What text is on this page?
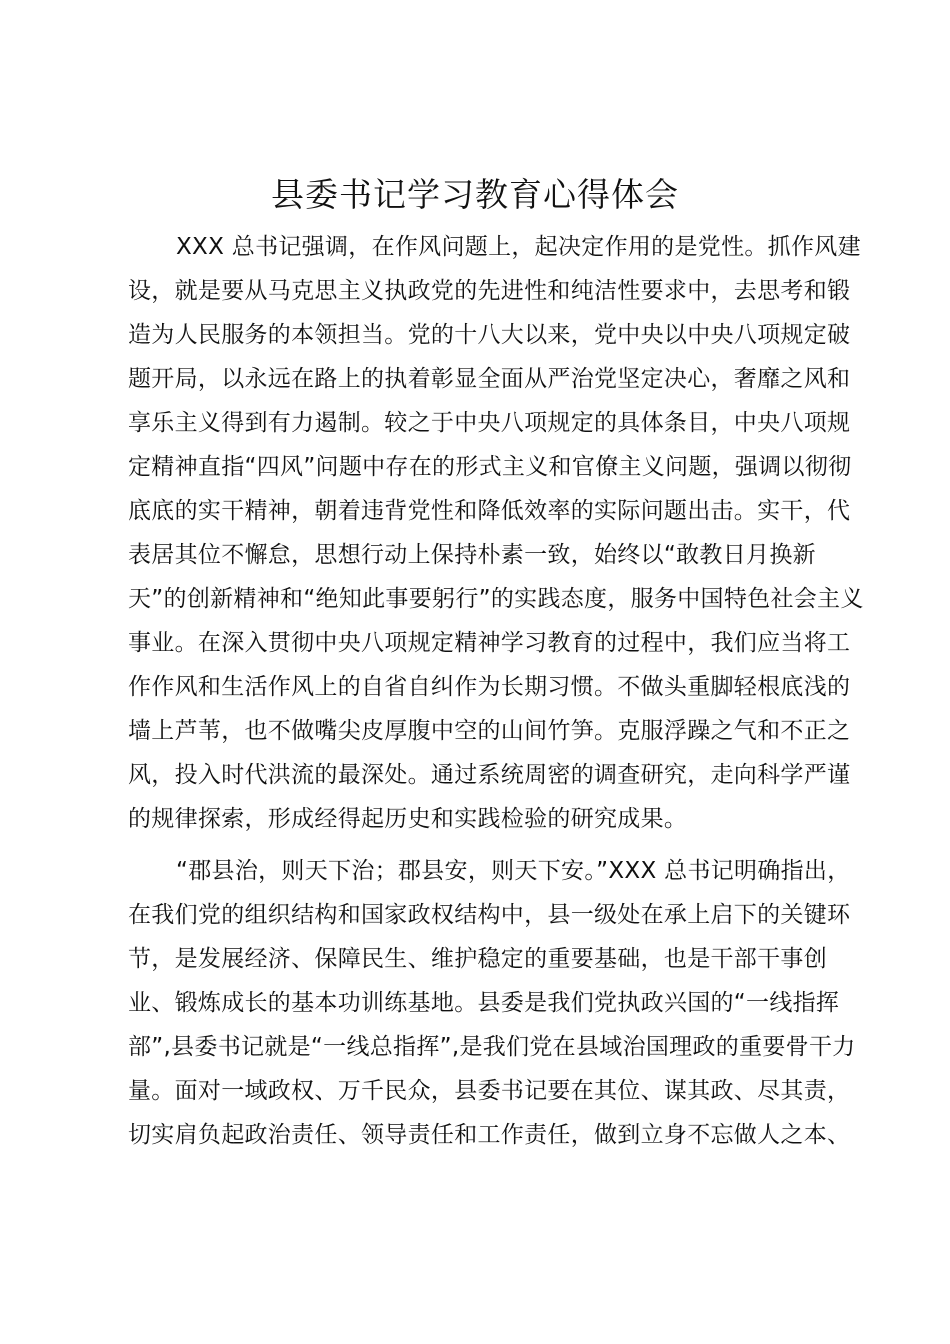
县委书记学习教育心得体会
XXX 总书记强调，在作风问题上，起决定作用的是党性。抓作风建
设，就是要从马克思主义执政党的先进性和纯洁性要求中，去思考和锻
造为人民服务的本领担当。党的十八大以来，党中央以中央八项规定破
题开局，以永远在路上的执着彰显全面从严治党坚定决心，奢靡之风和
享乐主义得到有力遏制。较之于中央八项规定的具体条目，中央八项规
定精神直指“四风”问题中存在的形式主义和官僚主义问题，强调以彻彻
底底的实干精神，朝着违背党性和降低效率的实际问题出击。实干，代
表居其位不懈怠，思想行动上保持朴素一致，始终以“敢教日月换新
天”的创新精神和“绝知此事要躬行”的实践态度，服务中国特色社会主义
事业。在深入贯彻中央八项规定精神学习教育的过程中，我们应当将工
作作风和生活作风上的自省自纠作为长期习惯。不做头重脚轻根底浅的
墙上芦苇，也不做嘴尖皮厚腹中空的山间竹笋。克服浮躁之气和不正之
风，投入时代洪流的最深处。通过系统周密的调查研究，走向科学严谨
的规律探索，形成经得起历史和实践检验的研究成果。
“郡县治，则天下治；郡县安，则天下安。”XXX 总书记明确指出，
在我们党的组织结构和国家政权结构中，县一级处在承上启下的关键环
节，是发展经济、保障民生、维护稳定的重要基础，也是干部干事创
业、锻炼成长的基本功训练基地。县委是我们党执政兴国的“一线指挥
部”,县委书记就是“一线总指挥”,是我们党在县域治国理政的重要骨干力
量。面对一域政权、万千民众，县委书记要在其位、谋其政、尽其责，
切实肩负起政治责任、领导责任和工作责任，做到立身不忘做人之本、
